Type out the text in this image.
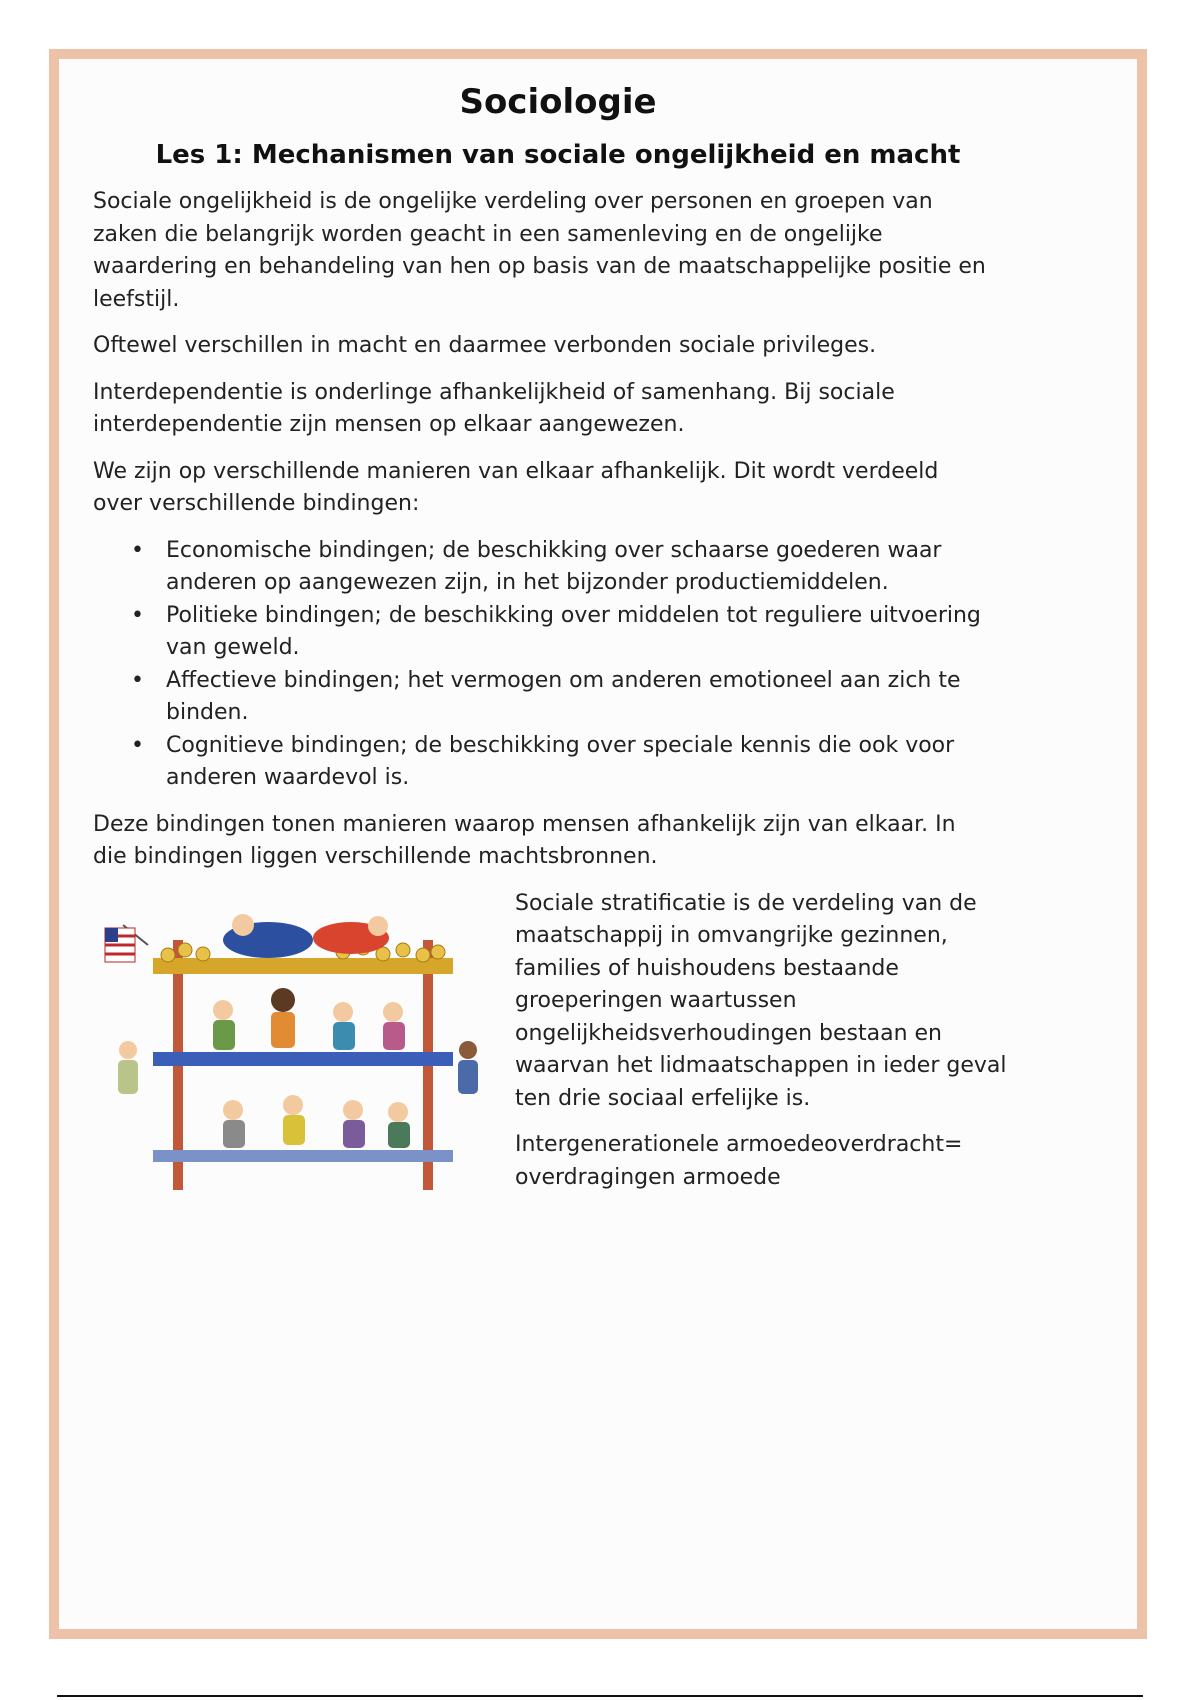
Sociologie
Les 1: Mechanismen van sociale ongelijkheid en macht

Sociale ongelijkheid is de ongelijke verdeling over personen en groepen van zaken die belangrijk worden geacht in een samenleving en de ongelijke waardering en behandeling van hen op basis van de maatschappelijke positie en leefstijl.

Oftewel verschillen in macht en daarmee verbonden sociale privileges.

Interdependentie is onderlinge afhankelijkheid of samenhang. Bij sociale interdependentie zijn mensen op elkaar aangewezen.

We zijn op verschillende manieren van elkaar afhankelijk. Dit wordt verdeeld over verschillende bindingen:

• Economische bindingen; de beschikking over schaarse goederen waar anderen op aangewezen zijn, in het bijzonder productiemiddelen.
• Politieke bindingen; de beschikking over middelen tot reguliere uitvoering van geweld.
• Affectieve bindingen; het vermogen om anderen emotioneel aan zich te binden.
• Cognitieve bindingen; de beschikking over speciale kennis die ook voor anderen waardevol is.

Deze bindingen tonen manieren waarop mensen afhankelijk zijn van elkaar. In die bindingen liggen verschillende machtsbronnen.

Sociale stratificatie is de verdeling van de maatschappij in omvangrijke gezinnen, families of huishoudens bestaande groeperingen waartussen ongelijkheidsverhoudingen bestaan en waarvan het lidmaatschappen in ieder geval ten drie sociaal erfelijke is.

Intergenerationele armoedeoverdracht= overdragingen armoede
